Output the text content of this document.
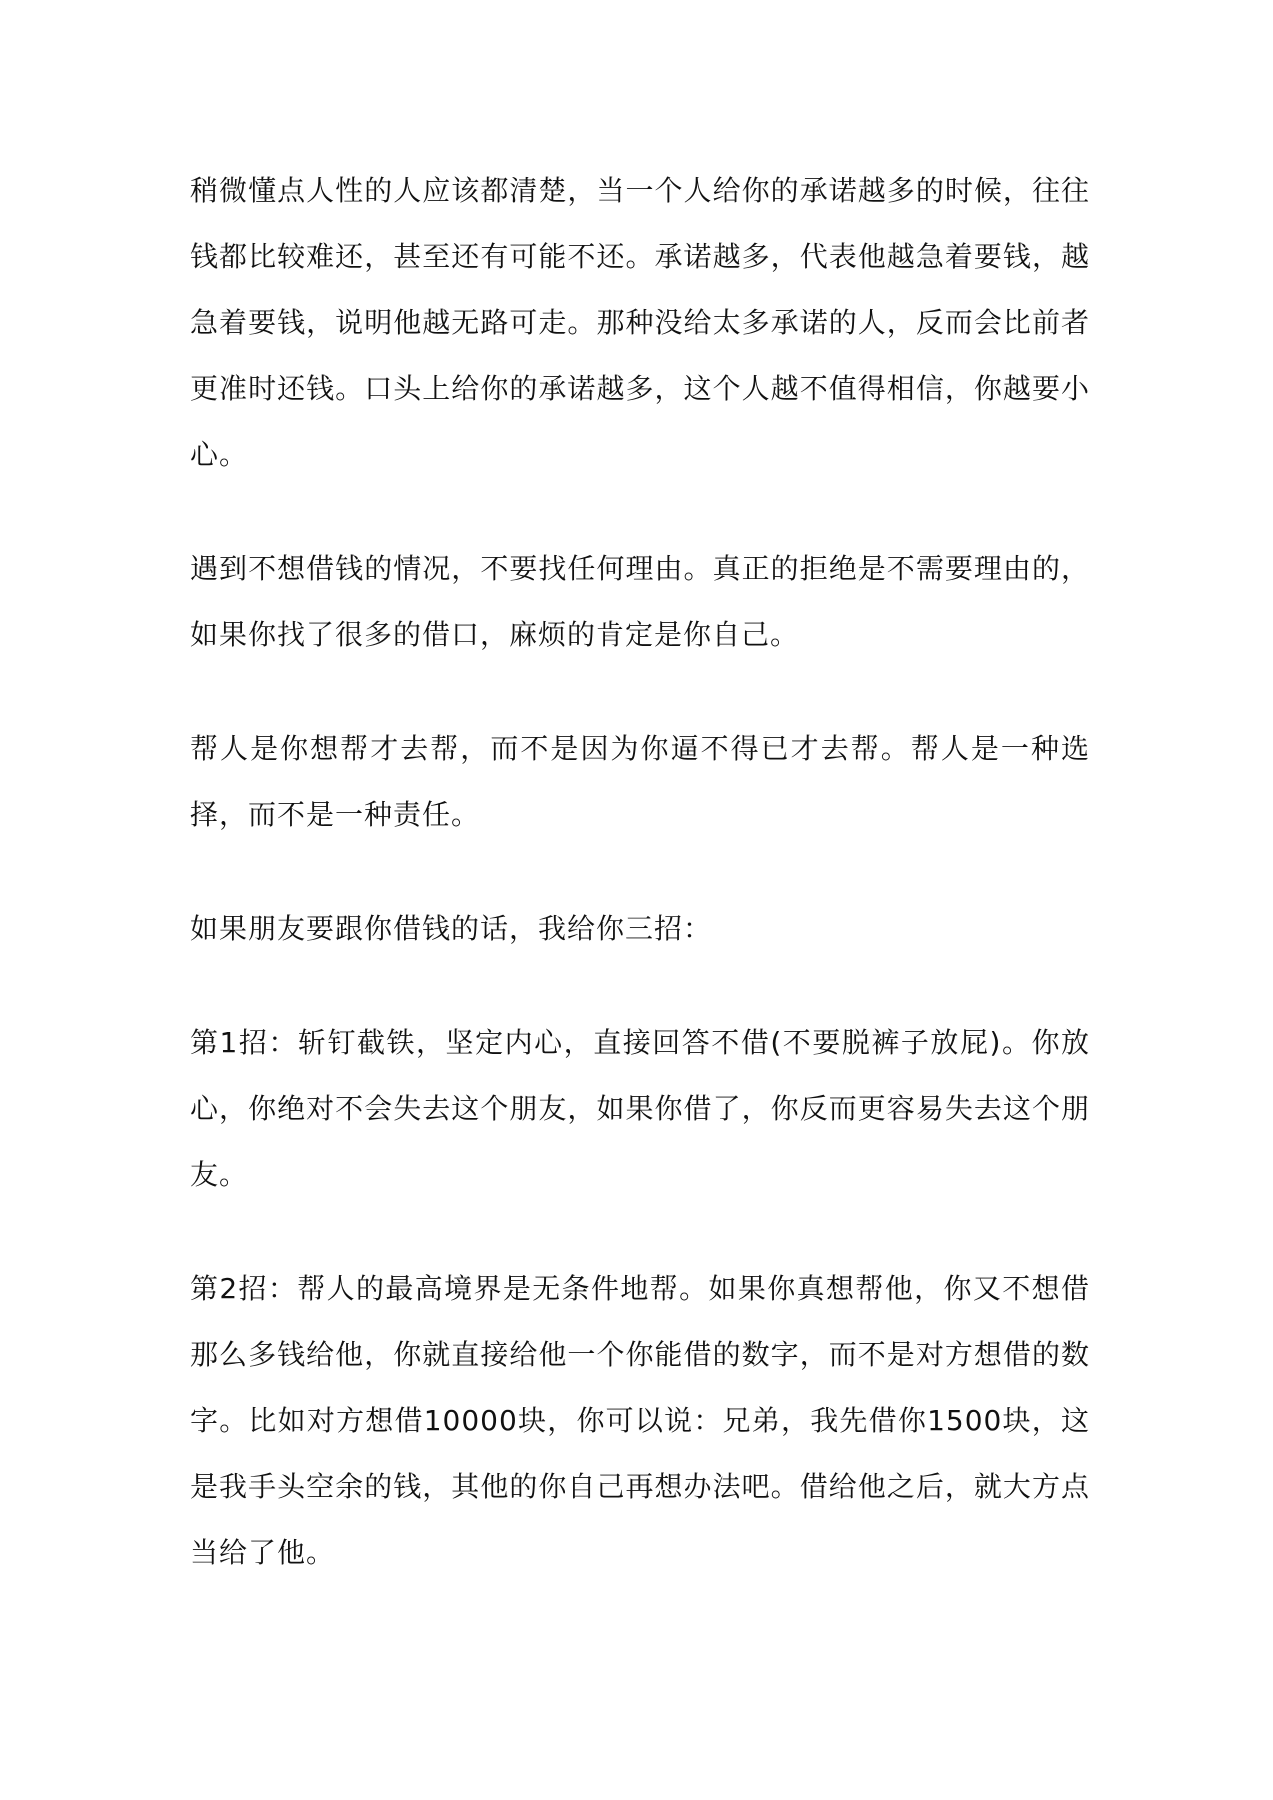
稍微懂点人性的人应该都清楚，当一个人给你的承诺越多的时候，往往钱都比较难还，甚至还有可能不还。承诺越多，代表他越急着要钱，越急着要钱，说明他越无路可走。那种没给太多承诺的人，反而会比前者更准时还钱。口头上给你的承诺越多，这个人越不值得相信，你越要小心。

遇到不想借钱的情况，不要找任何理由。真正的拒绝是不需要理由的，如果你找了很多的借口，麻烦的肯定是你自己。

帮人是你想帮才去帮，而不是因为你逼不得已才去帮。帮人是一种选择，而不是一种责任。

如果朋友要跟你借钱的话，我给你三招：

第1招：斩钉截铁，坚定内心，直接回答不借(不要脱裤子放屁)。你放心，你绝对不会失去这个朋友，如果你借了，你反而更容易失去这个朋友。

第2招：帮人的最高境界是无条件地帮。如果你真想帮他，你又不想借那么多钱给他，你就直接给他一个你能借的数字，而不是对方想借的数字。比如对方想借10000块，你可以说：兄弟，我先借你1500块，这是我手头空余的钱，其他的你自己再想办法吧。借给他之后，就大方点当给了他。
